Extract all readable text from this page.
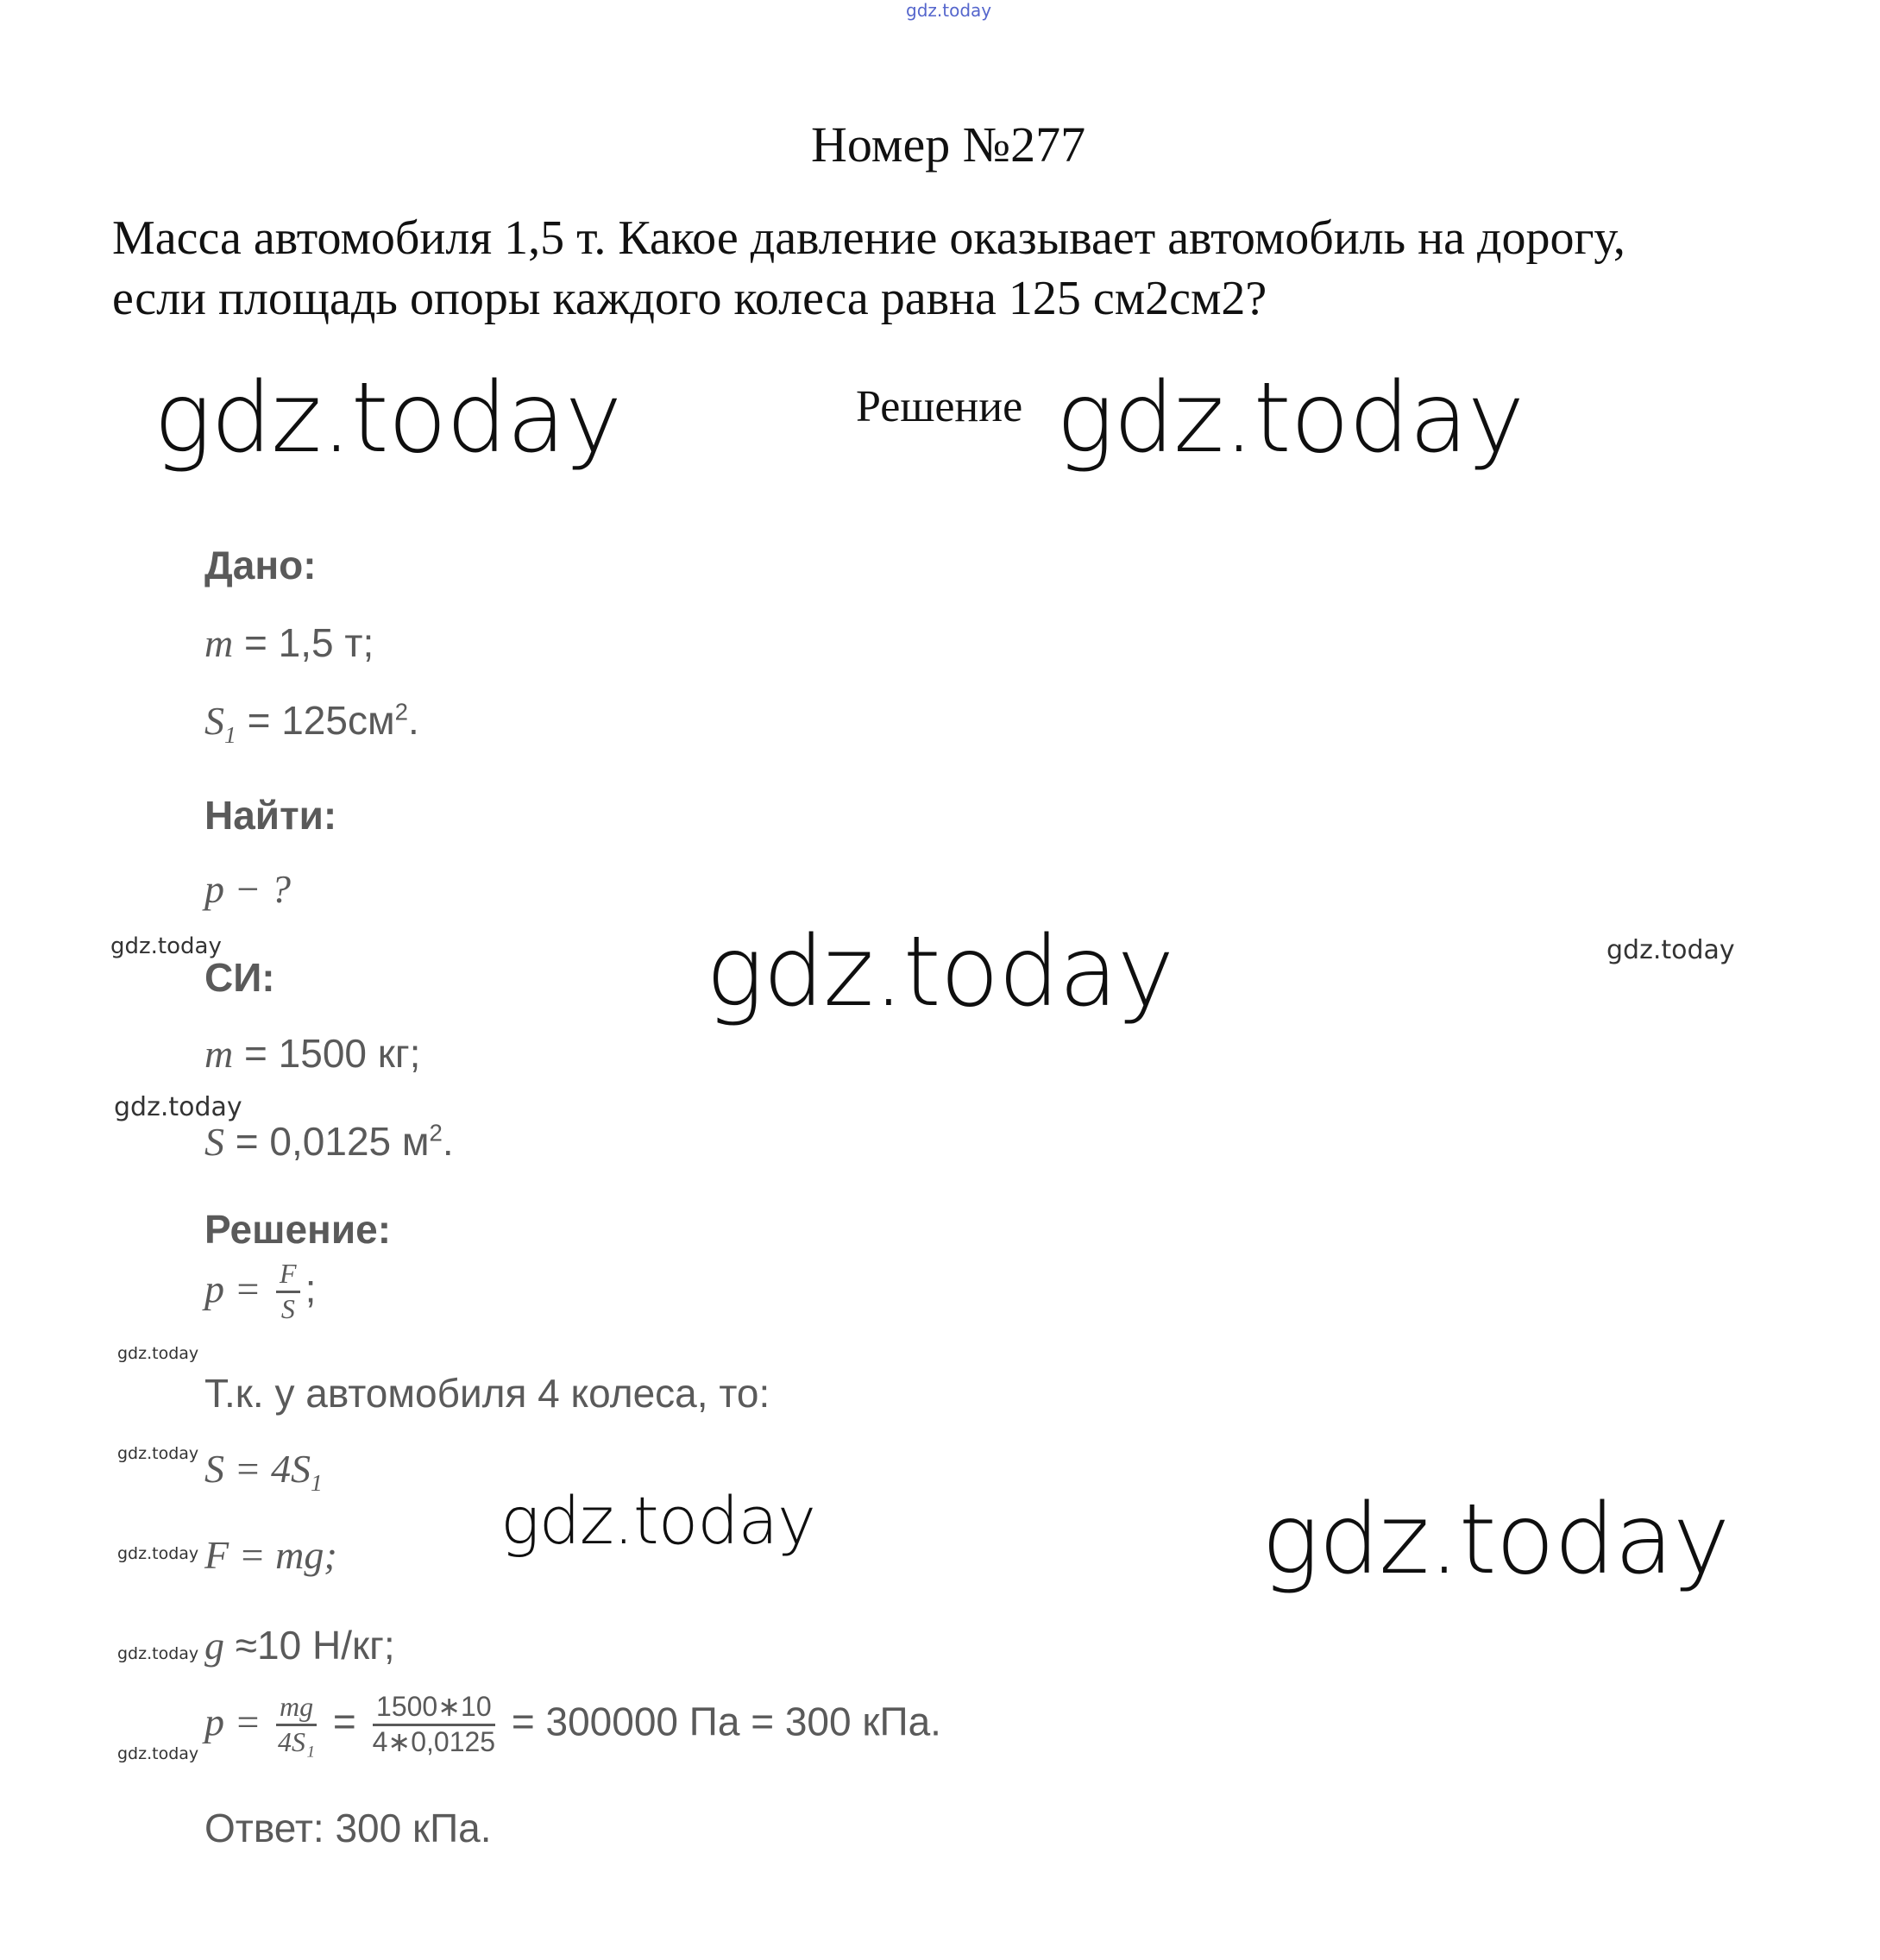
gdz.today
Номер №277
Масса автомобиля 1,5 т. Какое давление оказывает автомобиль на дорогу,
если площадь опоры каждого колеса равна 125 см2см2?
Решение
gdz.today	gdz.today
gdz.today
gdz.today	gdz.today
gdz.today	gdz.today
gdz.today
gdz.today
gdz.today
gdz.today
gdz.today
gdz.today
Дано:
m = 1,5 т;
$S_1 = 125см^2$.
Найти:
p − ?
СИ:
m = 1500 кг;
S = 0,0125 $м^2$.
Решение:
$p = \frac{F}{S}$ ;
Т.к. у автомобиля 4 колеса, то:
$S = 4S_1$
F = mg;
g ≈10 Н/кг;
$p = \frac{mg}{\text{4S₁}} = \frac{1500∗10}{4∗0,0125} = 300000$ Па = 300 кПа.
Ответ: 300 кПа.
